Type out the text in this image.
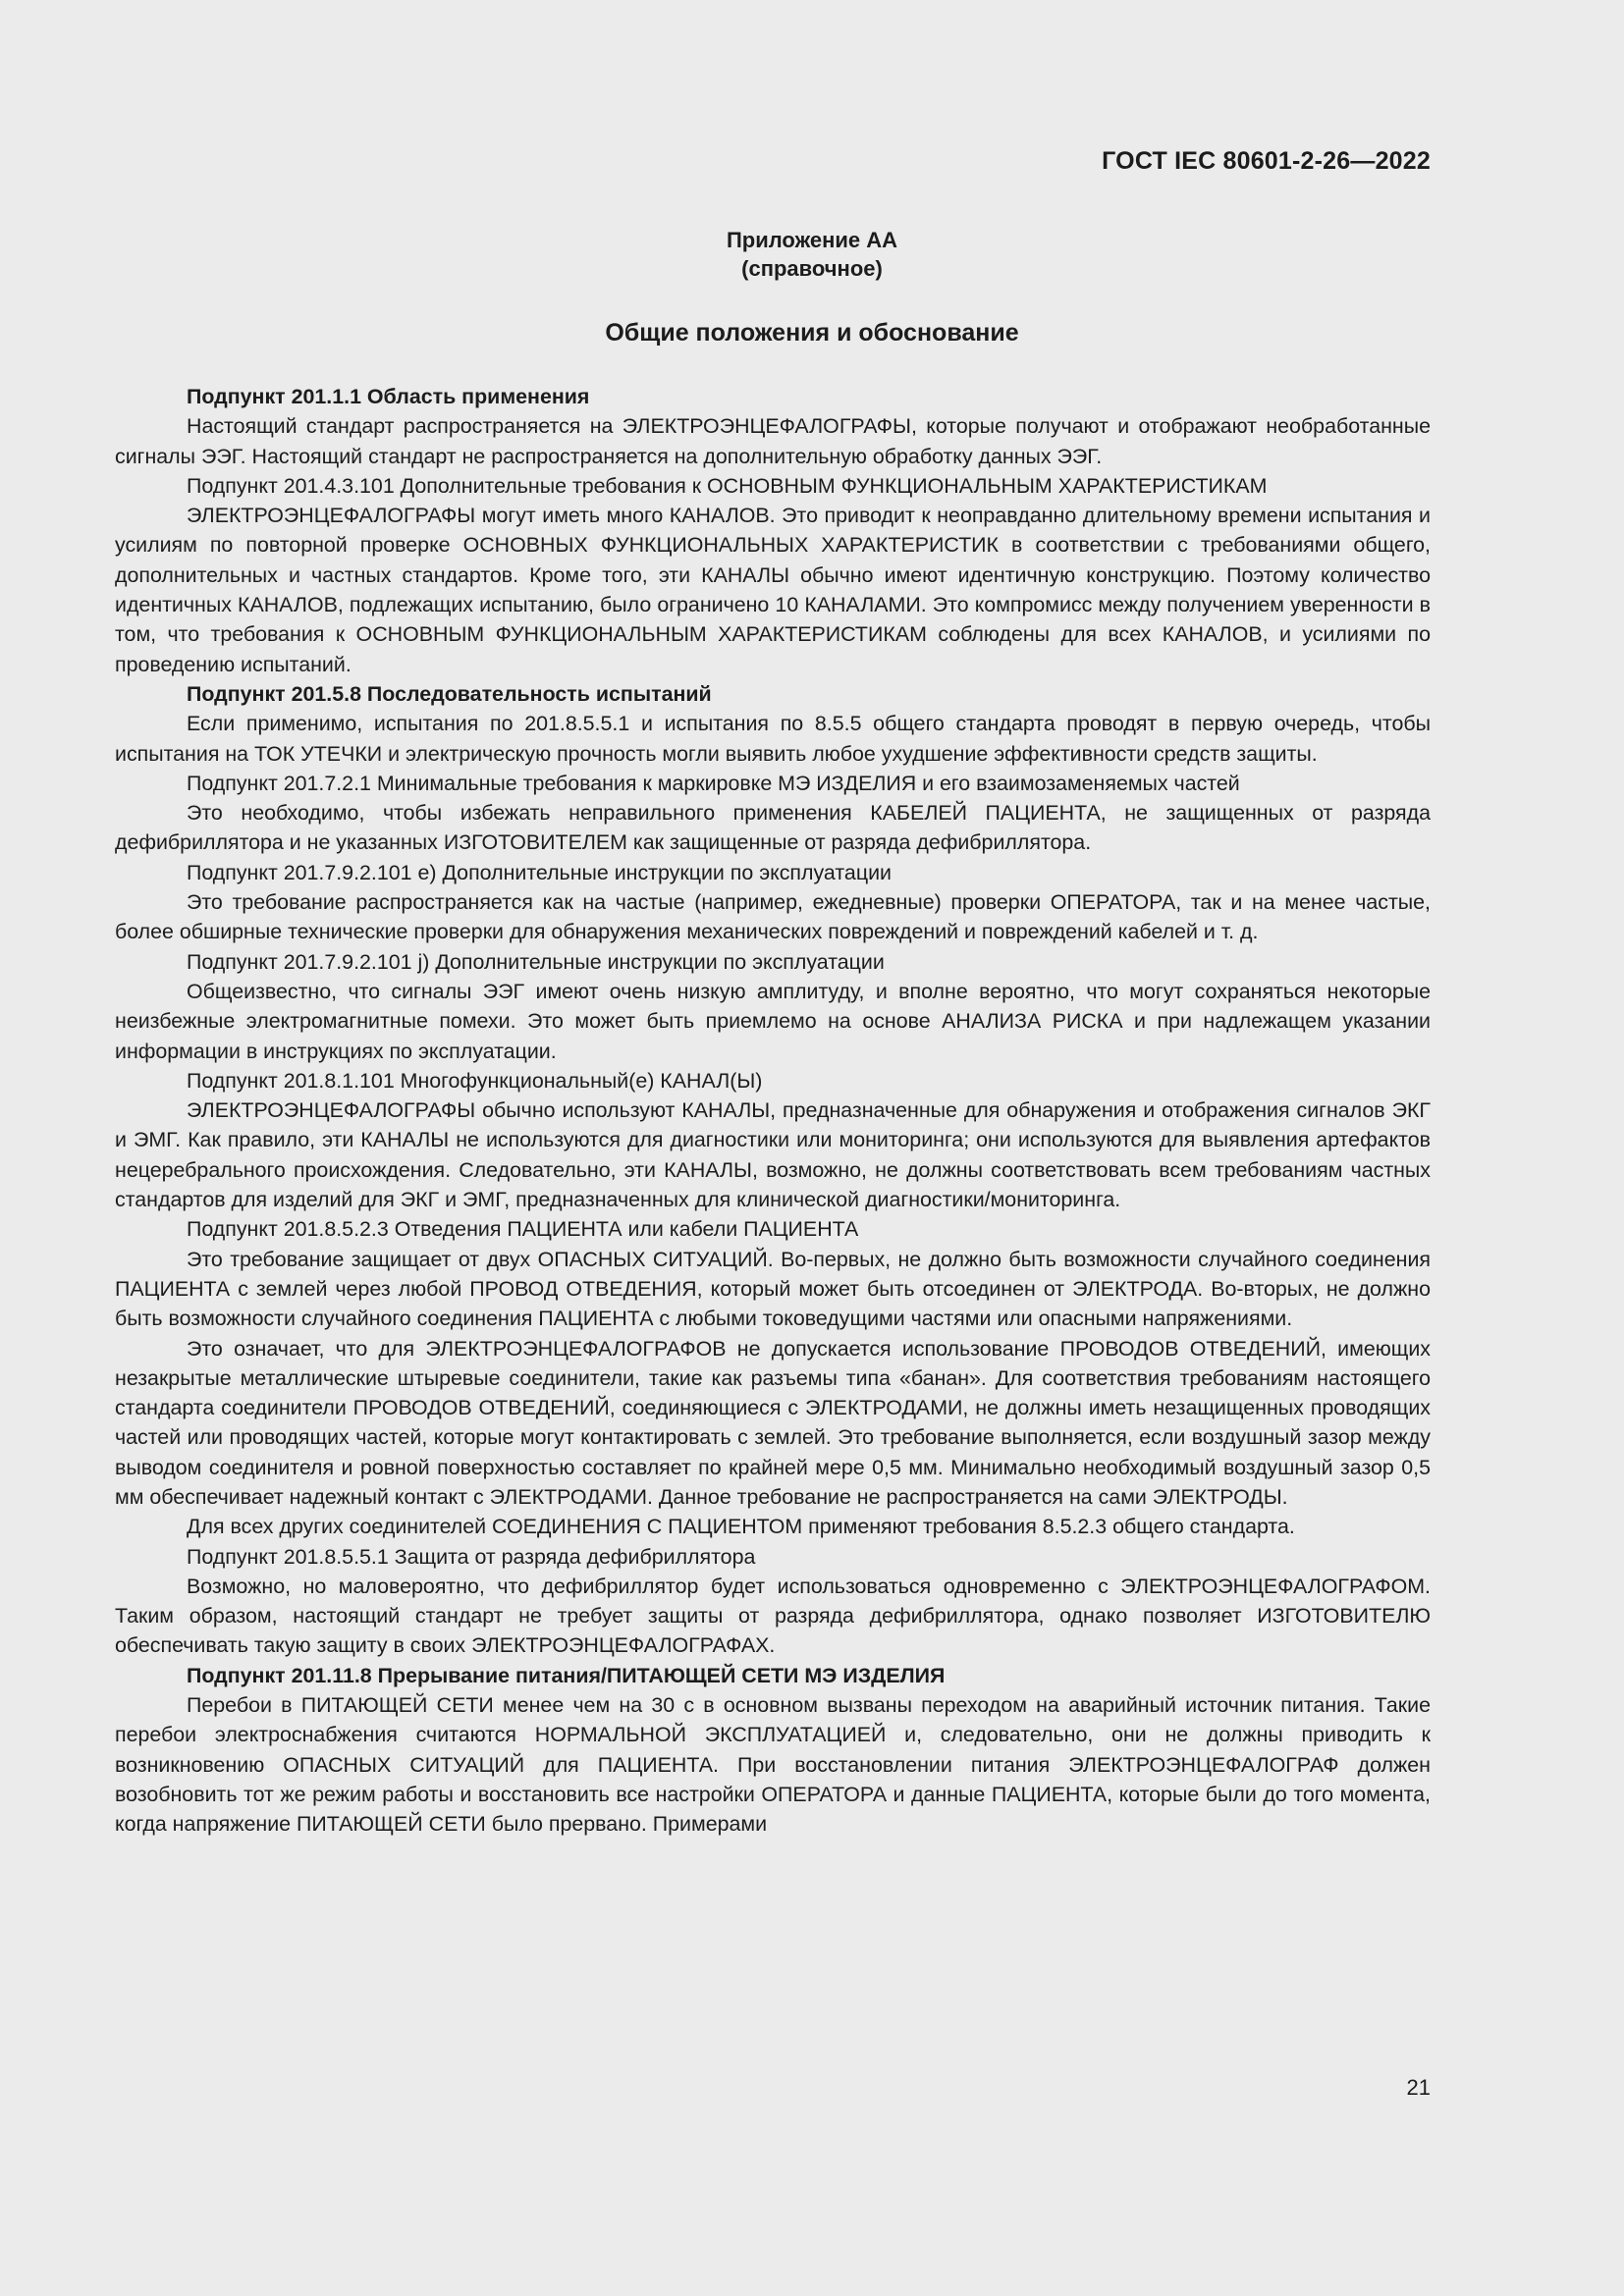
ГОСТ IEC 80601-2-26—2022
Приложение АА
(справочное)
Общие положения и обоснование

Подпункт 201.1.1 Область применения

Настоящий стандарт распространяется на ЭЛЕКТРОЭНЦЕФАЛОГРАФЫ, которые получают и отображают необработанные сигналы ЭЭГ. Настоящий стандарт не распространяется на дополнительную обработку данных ЭЭГ.

Подпункт 201.4.3.101 Дополнительные требования к ОСНОВНЫМ ФУНКЦИОНАЛЬНЫМ ХАРАКТЕРИСТИКАМ

ЭЛЕКТРОЭНЦЕФАЛОГРАФЫ могут иметь много КАНАЛОВ. Это приводит к неоправданно длительному времени испытания и усилиям по повторной проверке ОСНОВНЫХ ФУНКЦИОНАЛЬНЫХ ХАРАКТЕРИСТИК в соответствии с требованиями общего, дополнительных и частных стандартов. Кроме того, эти КАНАЛЫ обычно имеют идентичную конструкцию. Поэтому количество идентичных КАНАЛОВ, подлежащих испытанию, было ограничено 10 КАНАЛАМИ. Это компромисс между получением уверенности в том, что требования к ОСНОВНЫМ ФУНКЦИОНАЛЬНЫМ ХАРАКТЕРИСТИКАМ соблюдены для всех КАНАЛОВ, и усилиями по проведению испытаний.

Подпункт 201.5.8 Последовательность испытаний

Если применимо, испытания по 201.8.5.5.1 и испытания по 8.5.5 общего стандарта проводят в первую очередь, чтобы испытания на ТОК УТЕЧКИ и электрическую прочность могли выявить любое ухудшение эффективности средств защиты.

Подпункт 201.7.2.1 Минимальные требования к маркировке МЭ ИЗДЕЛИЯ и его взаимозаменяемых частей

Это необходимо, чтобы избежать неправильного применения КАБЕЛЕЙ ПАЦИЕНТА, не защищенных от разряда дефибриллятора и не указанных ИЗГОТОВИТЕЛЕМ как защищенные от разряда дефибриллятора.

Подпункт 201.7.9.2.101 е) Дополнительные инструкции по эксплуатации

Это требование распространяется как на частые (например, ежедневные) проверки ОПЕРАТОРА, так и на менее частые, более обширные технические проверки для обнаружения механических повреждений и повреждений кабелей и т. д.

Подпункт 201.7.9.2.101 j) Дополнительные инструкции по эксплуатации

Общеизвестно, что сигналы ЭЭГ имеют очень низкую амплитуду, и вполне вероятно, что могут сохраняться некоторые неизбежные электромагнитные помехи. Это может быть приемлемо на основе АНАЛИЗА РИСКА и при надлежащем указании информации в инструкциях по эксплуатации.

Подпункт 201.8.1.101 Многофункциональный(е) КАНАЛ(Ы)

ЭЛЕКТРОЭНЦЕФАЛОГРАФЫ обычно используют КАНАЛЫ, предназначенные для обнаружения и отображения сигналов ЭКГ и ЭМГ. Как правило, эти КАНАЛЫ не используются для диагностики или мониторинга; они используются для выявления артефактов нецеребрального происхождения. Следовательно, эти КАНАЛЫ, возможно, не должны соответствовать всем требованиям частных стандартов для изделий для ЭКГ и ЭМГ, предназначенных для клинической диагностики/мониторинга.

Подпункт 201.8.5.2.3 Отведения ПАЦИЕНТА или кабели ПАЦИЕНТА

Это требование защищает от двух ОПАСНЫХ СИТУАЦИЙ. Во-первых, не должно быть возможности случайного соединения ПАЦИЕНТА с землей через любой ПРОВОД ОТВЕДЕНИЯ, который может быть отсоединен от ЭЛЕКТРОДА. Во-вторых, не должно быть возможности случайного соединения ПАЦИЕНТА с любыми токоведущими частями или опасными напряжениями.

Это означает, что для ЭЛЕКТРОЭНЦЕФАЛОГРАФОВ не допускается использование ПРОВОДОВ ОТВЕДЕНИЙ, имеющих незакрытые металлические штыревые соединители, такие как разъемы типа «банан». Для соответствия требованиям настоящего стандарта соединители ПРОВОДОВ ОТВЕДЕНИЙ, соединяющиеся с ЭЛЕКТРОДАМИ, не должны иметь незащищенных проводящих частей или проводящих частей, которые могут контактировать с землей. Это требование выполняется, если воздушный зазор между выводом соединителя и ровной поверхностью составляет по крайней мере 0,5 мм. Минимально необходимый воздушный зазор 0,5 мм обеспечивает надежный контакт с ЭЛЕКТРОДАМИ. Данное требование не распространяется на сами ЭЛЕКТРОДЫ.

Для всех других соединителей СОЕДИНЕНИЯ С ПАЦИЕНТОМ применяют требования 8.5.2.3 общего стандарта.

Подпункт 201.8.5.5.1 Защита от разряда дефибриллятора

Возможно, но маловероятно, что дефибриллятор будет использоваться одновременно с ЭЛЕКТРОЭНЦЕФАЛОГРАФОМ. Таким образом, настоящий стандарт не требует защиты от разряда дефибриллятора, однако позволяет ИЗГОТОВИТЕЛЮ обеспечивать такую защиту в своих ЭЛЕКТРОЭНЦЕФАЛОГРАФАХ.

Подпункт 201.11.8 Прерывание питания/ПИТАЮЩЕЙ СЕТИ МЭ ИЗДЕЛИЯ

Перебои в ПИТАЮЩЕЙ СЕТИ менее чем на 30 с в основном вызваны переходом на аварийный источник питания. Такие перебои электроснабжения считаются НОРМАЛЬНОЙ ЭКСПЛУАТАЦИЕЙ и, следовательно, они не должны приводить к возникновению ОПАСНЫХ СИТУАЦИЙ для ПАЦИЕНТА. При восстановлении питания ЭЛЕКТРОЭНЦЕФАЛОГРАФ должен возобновить тот же режим работы и восстановить все настройки ОПЕРАТОРА и данные ПАЦИЕНТА, которые были до того момента, когда напряжение ПИТАЮЩЕЙ СЕТИ было прервано. Примерами

21
